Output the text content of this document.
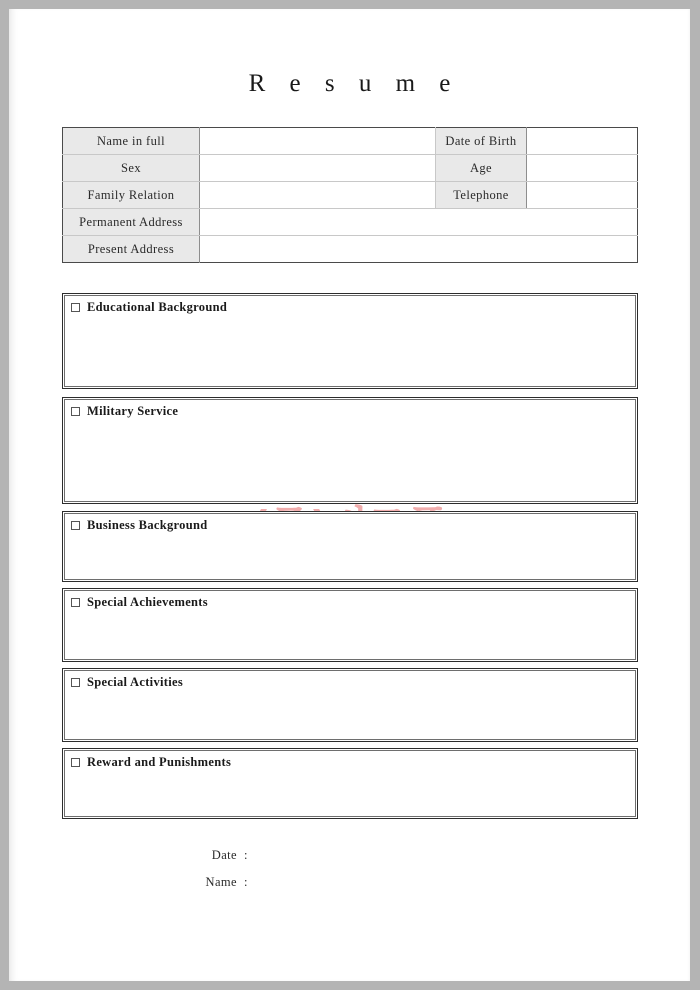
R e s u m e
Name in full		Date of Birth	
Sex		Age	
Family Relation		Telephone	
Permanent Address			
Present Address			
Educational Background
Military Service
Business Background
Special Achievements
Special Activities
Reward and Punishments
Date :
Name :
